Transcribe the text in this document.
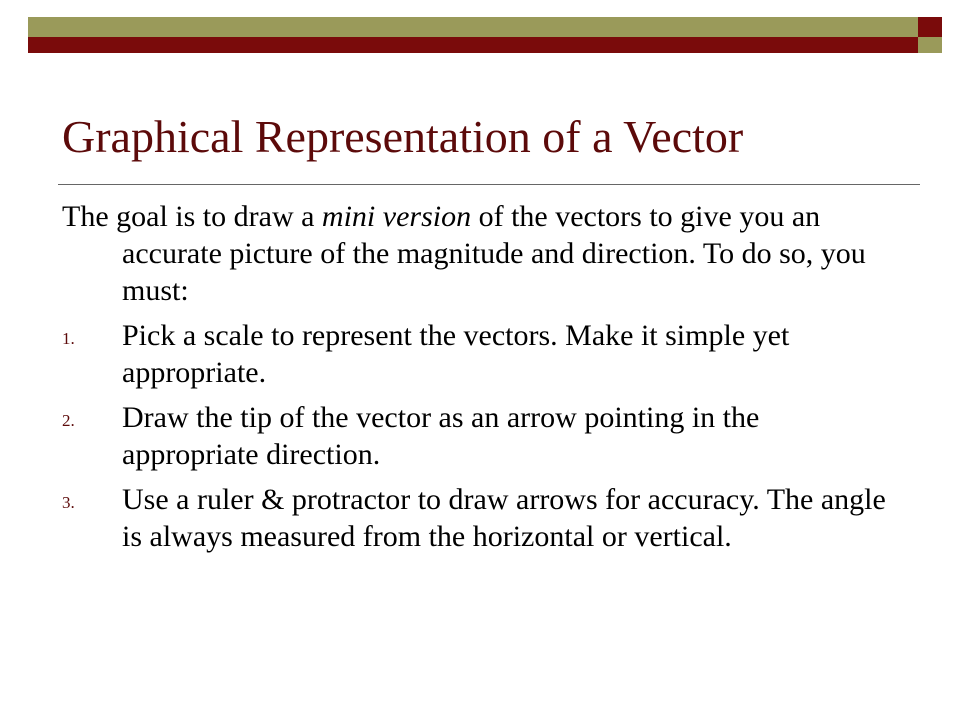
Graphical Representation of a Vector

The goal is to draw a mini version of the vectors to give you an accurate picture of the magnitude and direction. To do so, you must:

1. Pick a scale to represent the vectors. Make it simple yet appropriate.
2. Draw the tip of the vector as an arrow pointing in the appropriate direction.
3. Use a ruler & protractor to draw arrows for accuracy. The angle is always measured from the horizontal or vertical.
